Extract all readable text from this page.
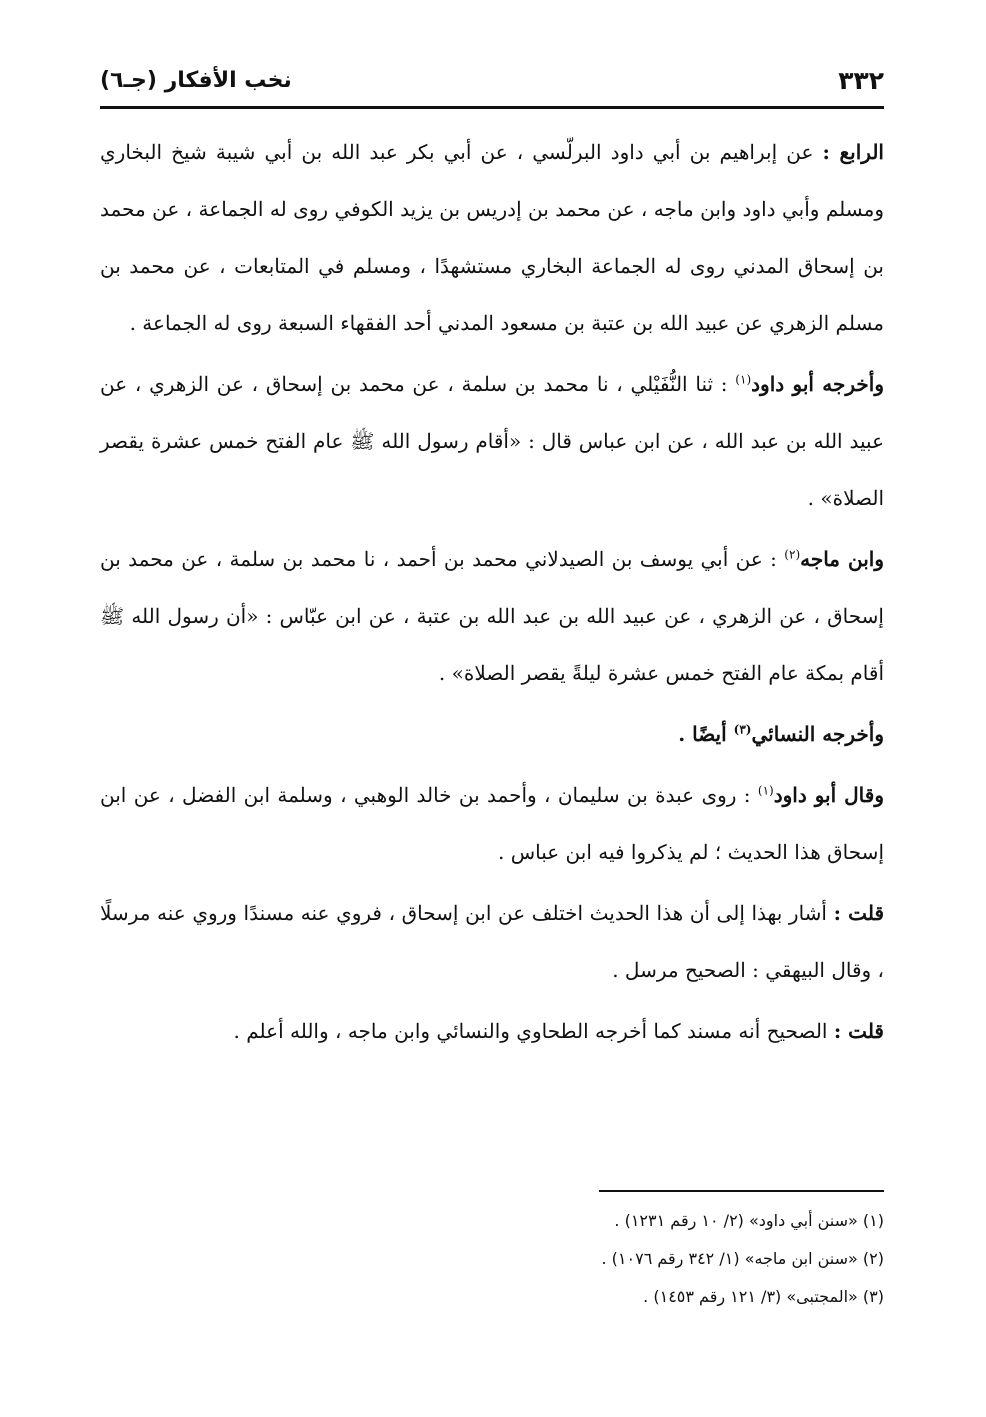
نخب الأفكار (جـ٦)	٣٣٢

الرابع : عن إبراهيم بن أبي داود البرلّسي ، عن أبي بكر عبد الله بن أبي شيبة شيخ البخاري ومسلم وأبي داود وابن ماجه ، عن محمد بن إدريس بن يزيد الكوفي روى له الجماعة ، عن محمد بن إسحاق المدني روى له الجماعة البخاري مستشهدًا ، ومسلم في المتابعات ، عن محمد بن مسلم الزهري عن عبيد الله بن عتبة بن مسعود المدني أحد الفقهاء السبعة روى له الجماعة .

وأخرجه أبو داود$^{(١)}$ : ثنا النُّفَيْلي ، نا محمد بن سلمة ، عن محمد بن إسحاق ، عن الزهري ، عن عبيد الله بن عبد الله ، عن ابن عباس قال : «أقام رسول الله ﷺ عام الفتح خمس عشرة يقصر الصلاة» .

وابن ماجه$^{(٢)}$ : عن أبي يوسف بن الصيدلاني محمد بن أحمد ، نا محمد بن سلمة ، عن محمد بن إسحاق ، عن الزهري ، عن عبيد الله بن عبد الله بن عتبة ، عن ابن عبّاس : «أن رسول الله ﷺ أقام بمكة عام الفتح خمس عشرة ليلةً يقصر الصلاة» .

وأخرجه النسائي$^{(٣)}$ أيضًا .

وقال أبو داود$^{(١)}$ : روى عبدة بن سليمان ، وأحمد بن خالد الوهبي ، وسلمة ابن الفضل ، عن ابن إسحاق هذا الحديث ؛ لم يذكروا فيه ابن عباس .

قلت : أشار بهذا إلى أن هذا الحديث اختلف عن ابن إسحاق ، فروي عنه مسندًا وروي عنه مرسلًا ، وقال البيهقي : الصحيح مرسل .

قلت : الصحيح أنه مسند كما أخرجه الطحاوي والنسائي وابن ماجه ، والله أعلم .

(١) «سنن أبي داود» (٢/ ١٠ رقم ١٢٣١) .

(٢) «سنن ابن ماجه» (١/ ٣٤٢ رقم ١٠٧٦) .

(٣) «المجتبى» (٣/ ١٢١ رقم ١٤٥٣) .
